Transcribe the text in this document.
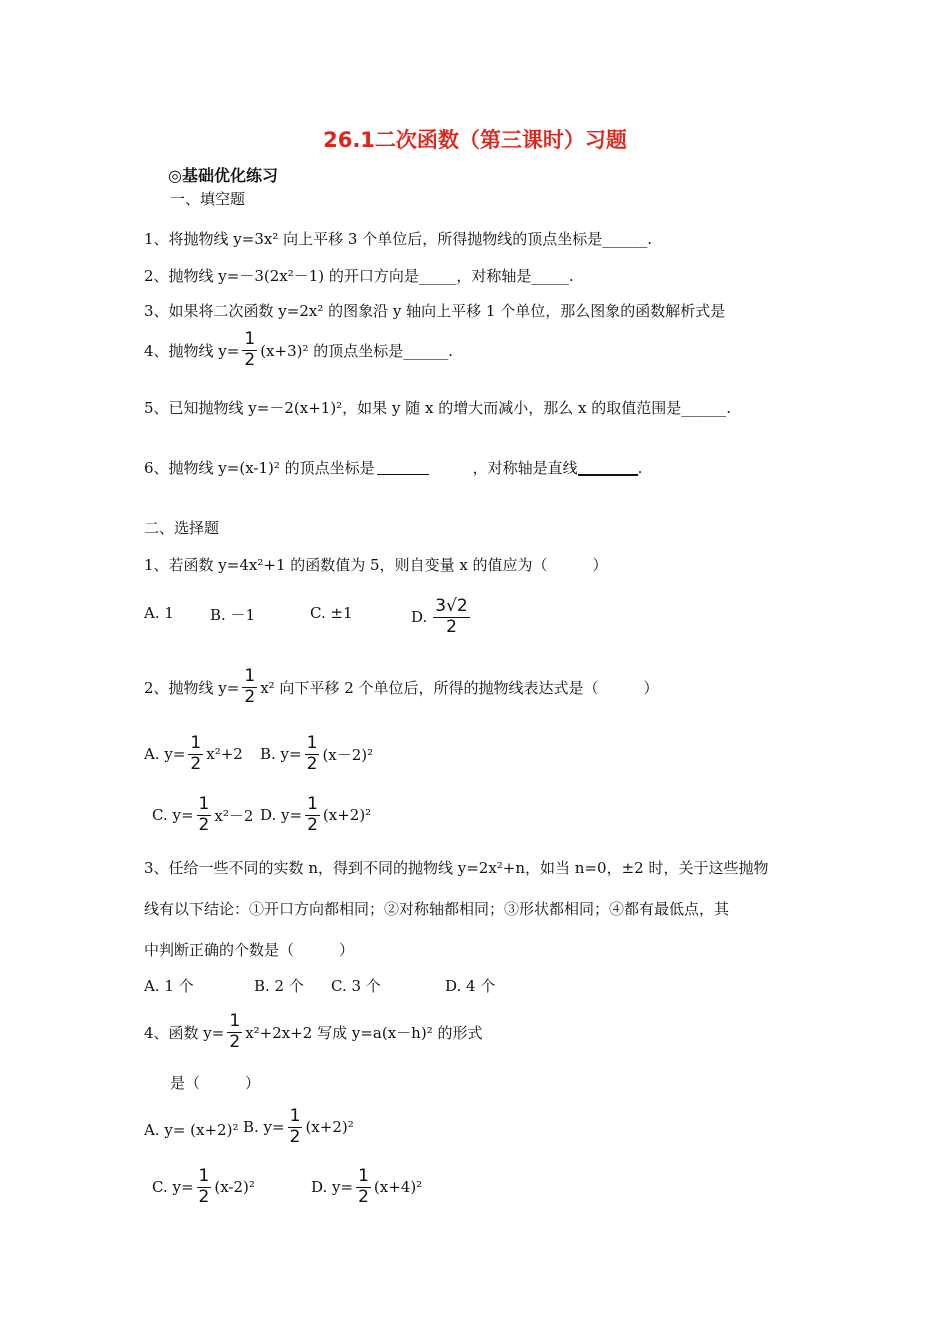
26.1二次函数（第三课时）习题
◎基础优化练习
一、填空题
1、将抛物线 y=3x² 向上平移 3 个单位后，所得抛物线的顶点坐标是______.
2、抛物线 y=－3(2x²－1) 的开口方向是_____，对称轴是_____.
3、如果将二次函数 y=2x² 的图象沿 y 轴向上平移 1 个单位，那么图象的函数解析式是
4、抛物线 $y= \frac{1}{2} (x+3)^2$ 的顶点坐标是______.
5、已知抛物线 y=－2(x+1)²，如果 y 随 x 的增大而减小，那么 x 的取值范围是______.
6、抛物线 y=(x-1)² 的顶点坐标是	，对称轴是直线	.
二、选择题
1、若函数 y=4x²+1 的函数值为 5，则自变量 x 的值应为（　　　）
A. 1 B. －1	C. ±1	D. $\frac{3√2}{2}$
2、抛物线 $y= \frac{1}{2} x^2$ 向下平移 2 个单位后，所得的抛物线表达式是（　　　）
A. $y= \frac{1}{2} x^2+2$ B. $y= \frac{1}{2} (x-2)^2$
C. $y= \frac{1}{2} x^2-2$ D. $y= \frac{1}{2} (x+2)^2$
3、任给一些不同的实数 n，得到不同的抛物线 y=2x²+n，如当 n=0，±2 时，关于这些抛物
线有以下结论：①开口方向都相同；②对称轴都相同；③形状都相同；④都有最低点，其
中判断正确的个数是（　　　）
A. 1 个	B. 2 个 C. 3 个	D. 4 个
4、函数 $y= \frac{1}{2} x^2+2x+2$ 写成 y=a(x－h)² 的形式
是（　　　）
A. y= (x+2)² B. $y= \frac{1}{2} (x+2)^2$
C. $y= \frac{1}{2} (x-2)^2$	D. $y= \frac{1}{2} (x+4)^2$
